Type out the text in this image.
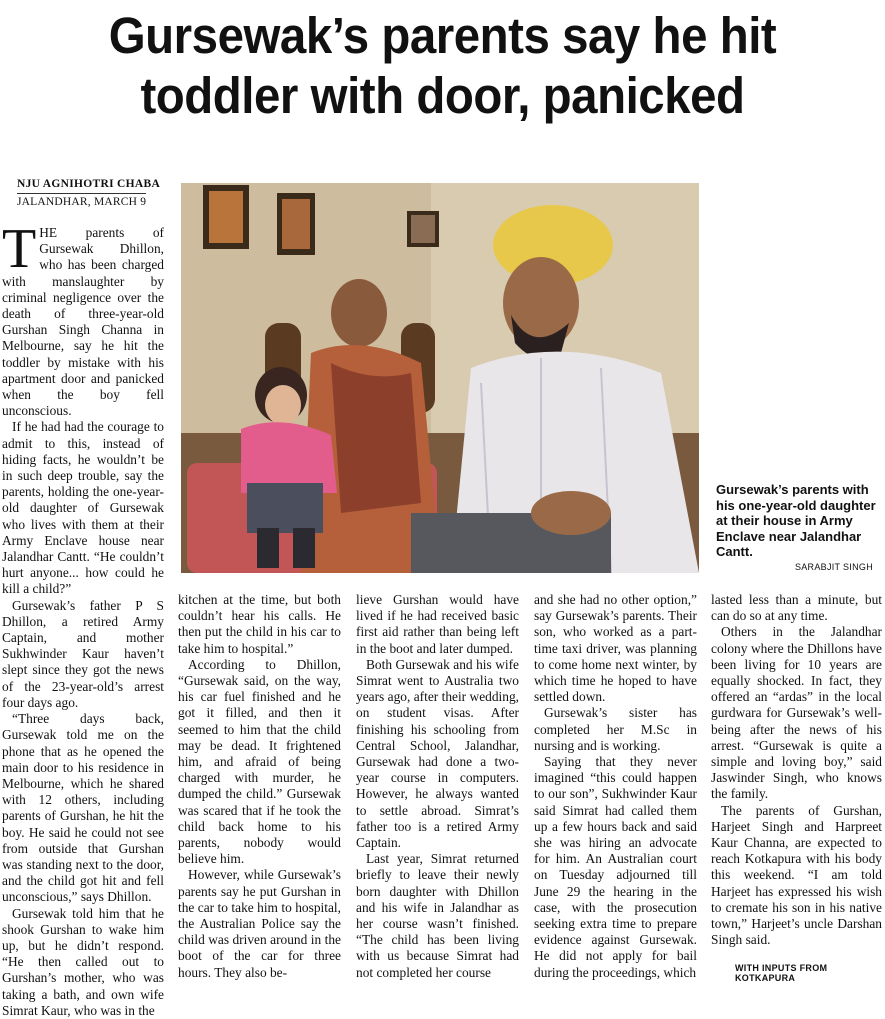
Gursewak’s parents say he hit
toddler with door, panicked
NJU AGNIHOTRI CHABA
JALANDHAR, MARCH 9

THE parents of Gursewak Dhillon, who has been charged with manslaughter by criminal negligence over the death of three-year-old Gurshan Singh Channa in Melbourne, say he hit the toddler by mistake with his apartment door and panicked when the boy fell unconscious.

If he had had the courage to admit to this, instead of hiding facts, he wouldn’t be in such deep trouble, say the parents, holding the one-year-old daughter of Gursewak who lives with them at their Army Enclave house near Jalandhar Cantt. “He couldn’t hurt anyone... how could he kill a child?”

Gursewak’s father P S Dhillon, a retired Army Captain, and mother Sukhwinder Kaur haven’t slept since they got the news of the 23-year-old’s arrest four days ago.

“Three days back, Gursewak told me on the phone that as he opened the main door to his residence in Melbourne, which he shared with 12 others, including parents of Gurshan, he hit the boy. He said he could not see from outside that Gurshan was standing next to the door, and the child got hit and fell unconscious,” says Dhillon.

Gursewak told him that he shook Gurshan to wake him up, but he didn’t respond. “He then called out to Gurshan’s mother, who was taking a bath, and own wife Simrat Kaur, who was in the

Gursewak’s parents with his one-year-old daughter at their house in Army Enclave near Jalandhar Cantt.
SARABJIT SINGH

kitchen at the time, but both couldn’t hear his calls. He then put the child in his car to take him to hospital.”

According to Dhillon, “Gursewak said, on the way, his car fuel finished and he got it filled, and then it seemed to him that the child may be dead. It frightened him, and afraid of being charged with murder, he dumped the child.” Gursewak was scared that if he took the child back home to his parents, nobody would believe him.

However, while Gursewak’s parents say he put Gurshan in the car to take him to hospital, the Australian Police say the child was driven around in the boot of the car for three hours. They also be-

lieve Gurshan would have lived if he had received basic first aid rather than being left in the boot and later dumped.

Both Gursewak and his wife Simrat went to Australia two years ago, after their wedding, on student visas. After finishing his schooling from Central School, Jalandhar, Gursewak had done a two-year course in computers. However, he always wanted to settle abroad. Simrat’s father too is a retired Army Captain.

Last year, Simrat returned briefly to leave their newly born daughter with Dhillon and his wife in Jalandhar as her course wasn’t finished. “The child has been living with us because Simrat had not completed her course

and she had no other option,” say Gursewak’s parents. Their son, who worked as a part-time taxi driver, was planning to come home next winter, by which time he hoped to have settled down.

Gursewak’s sister has completed her M.Sc in nursing and is working.

Saying that they never imagined “this could happen to our son”, Sukhwinder Kaur said Simrat had called them up a few hours back and said she was hiring an advocate for him. An Australian court on Tuesday adjourned till June 29 the hearing in the case, with the prosecution seeking extra time to prepare evidence against Gursewak. He did not apply for bail during the proceedings, which

lasted less than a minute, but can do so at any time.

Others in the Jalandhar colony where the Dhillons have been living for 10 years are equally shocked. In fact, they offered an “ardas” in the local gurdwara for Gursewak’s well-being after the news of his arrest. “Gursewak is quite a simple and loving boy,” said Jaswinder Singh, who knows the family.

The parents of Gurshan, Harjeet Singh and Harpreet Kaur Channa, are expected to reach Kotkapura with his body this weekend. “I am told Harjeet has expressed his wish to cremate his son in his native town,” Harjeet’s uncle Darshan Singh said.

WITH INPUTS FROM KOTKAPURA
